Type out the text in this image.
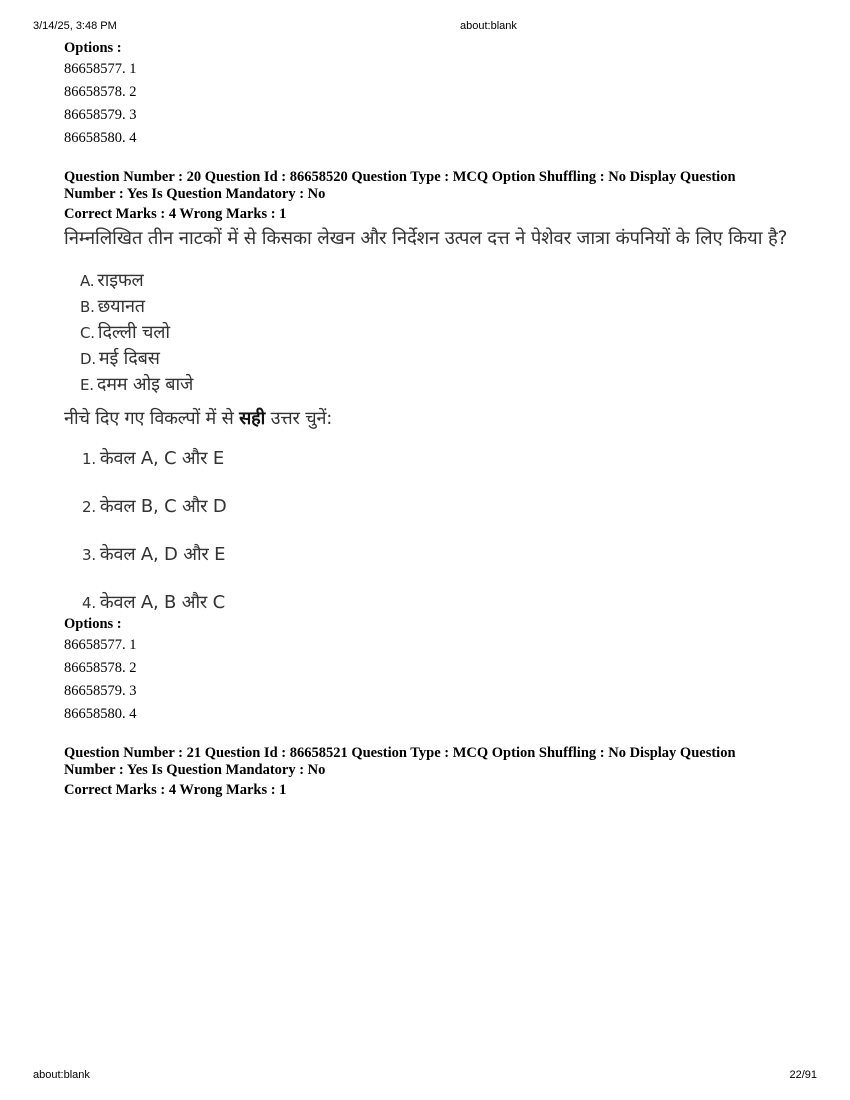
3/14/25, 3:48 PM	about:blank
Options :
86658577. 1
86658578. 2
86658579. 3
86658580. 4
Question Number : 20 Question Id : 86658520 Question Type : MCQ Option Shuffling : No Display Question
Number : Yes Is Question Mandatory : No
Correct Marks : 4 Wrong Marks : 1
निम्नलिखित तीन नाटकों में से किसका लेखन और निर्देशन उत्पल दत्त ने पेशेवर जात्रा कंपनियों के लिए किया है?
A. राइफल
B. छयानत
C. दिल्ली चलो
D. मई दिबस
E. दमम ओइ बाजे
नीचे दिए गए विकल्पों में से सही उत्तर चुनें:
1. केवल A, C और E
2. केवल B, C और D
3. केवल A, D और E
4. केवल A, B और C
Options :
86658577. 1
86658578. 2
86658579. 3
86658580. 4
Question Number : 21 Question Id : 86658521 Question Type : MCQ Option Shuffling : No Display Question
Number : Yes Is Question Mandatory : No
Correct Marks : 4 Wrong Marks : 1
about:blank	22/91
